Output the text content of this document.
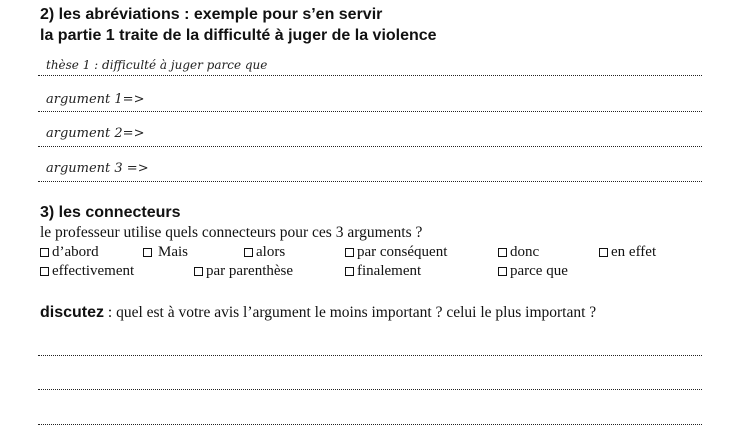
2) les abréviations : exemple pour s’en servir
la partie 1 traite de la difficulté à juger de la violence
thèse 1 : difficulté à juger parce que
argument 1=>
argument 2=>
argument 3 =>
3) les connecteurs
le professeur utilise quels connecteurs pour ces 3 arguments ?
d’abord	Mais	alors	par conséquent	donc	en effet
effectivement	par parenthèse	finalement	parce que
discutez : quel est à votre avis l’argument le moins important ? celui le plus important ?
